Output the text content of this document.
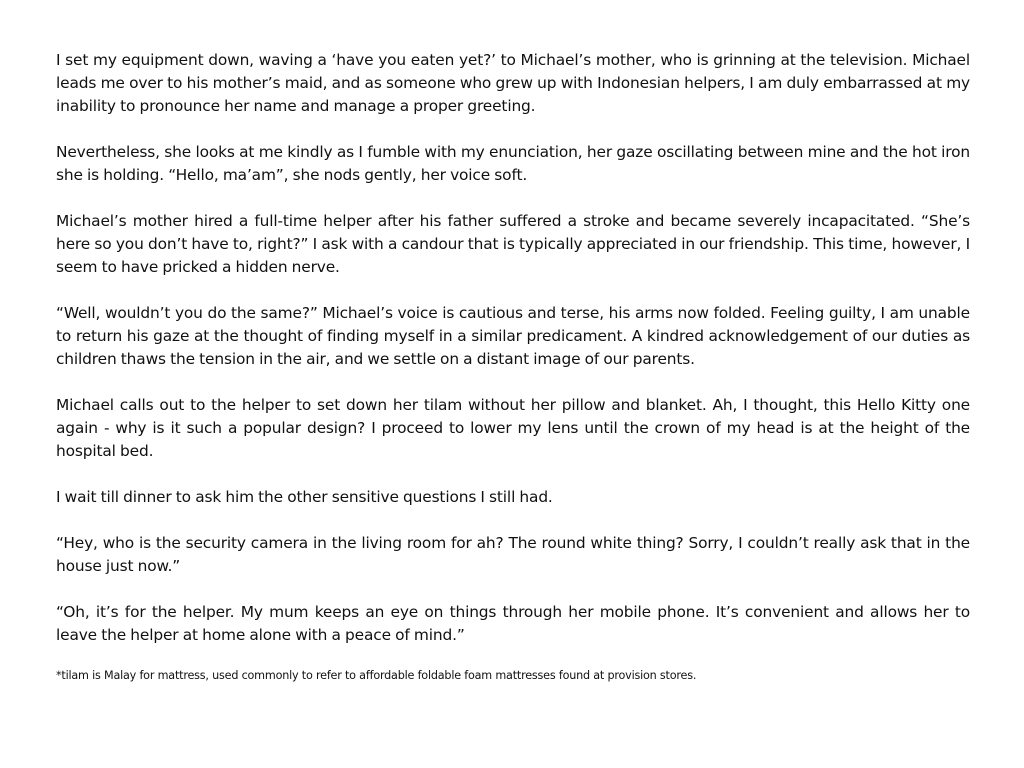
I set my equipment down, waving a ‘have you eaten yet?’ to Michael’s mother, who is grinning at the television. Michael leads me over to his mother’s maid, and as someone who grew up with Indonesian helpers, I am duly embarrassed at my inability to pronounce her name and manage a proper greeting.

Nevertheless, she looks at me kindly as I fumble with my enunciation, her gaze oscillating between mine and the hot iron she is holding. “Hello, ma’am”, she nods gently, her voice soft.

Michael’s mother hired a full-time helper after his father suffered a stroke and became severely incapacitated. “She’s here so you don’t have to, right?” I ask with a candour that is typically appreciated in our friendship. This time, however, I seem to have pricked a hidden nerve.

“Well, wouldn’t you do the same?” Michael’s voice is cautious and terse, his arms now folded. Feeling guilty, I am unable to return his gaze at the thought of finding myself in a similar predicament. A kindred acknowledgement of our duties as children thaws the tension in the air, and we settle on a distant image of our parents.

Michael calls out to the helper to set down her tilam without her pillow and blanket. Ah, I thought, this Hello Kitty one again - why is it such a popular design? I proceed to lower my lens until the crown of my head is at the height of the hospital bed.

I wait till dinner to ask him the other sensitive questions I still had.

“Hey, who is the security camera in the living room for ah? The round white thing? Sorry, I couldn’t really ask that in the house just now.”

“Oh, it’s for the helper. My mum keeps an eye on things through her mobile phone. It’s convenient and allows her to leave the helper at home alone with a peace of mind.”

*tilam is Malay for mattress, used commonly to refer to affordable foldable foam mattresses found at provision stores.
